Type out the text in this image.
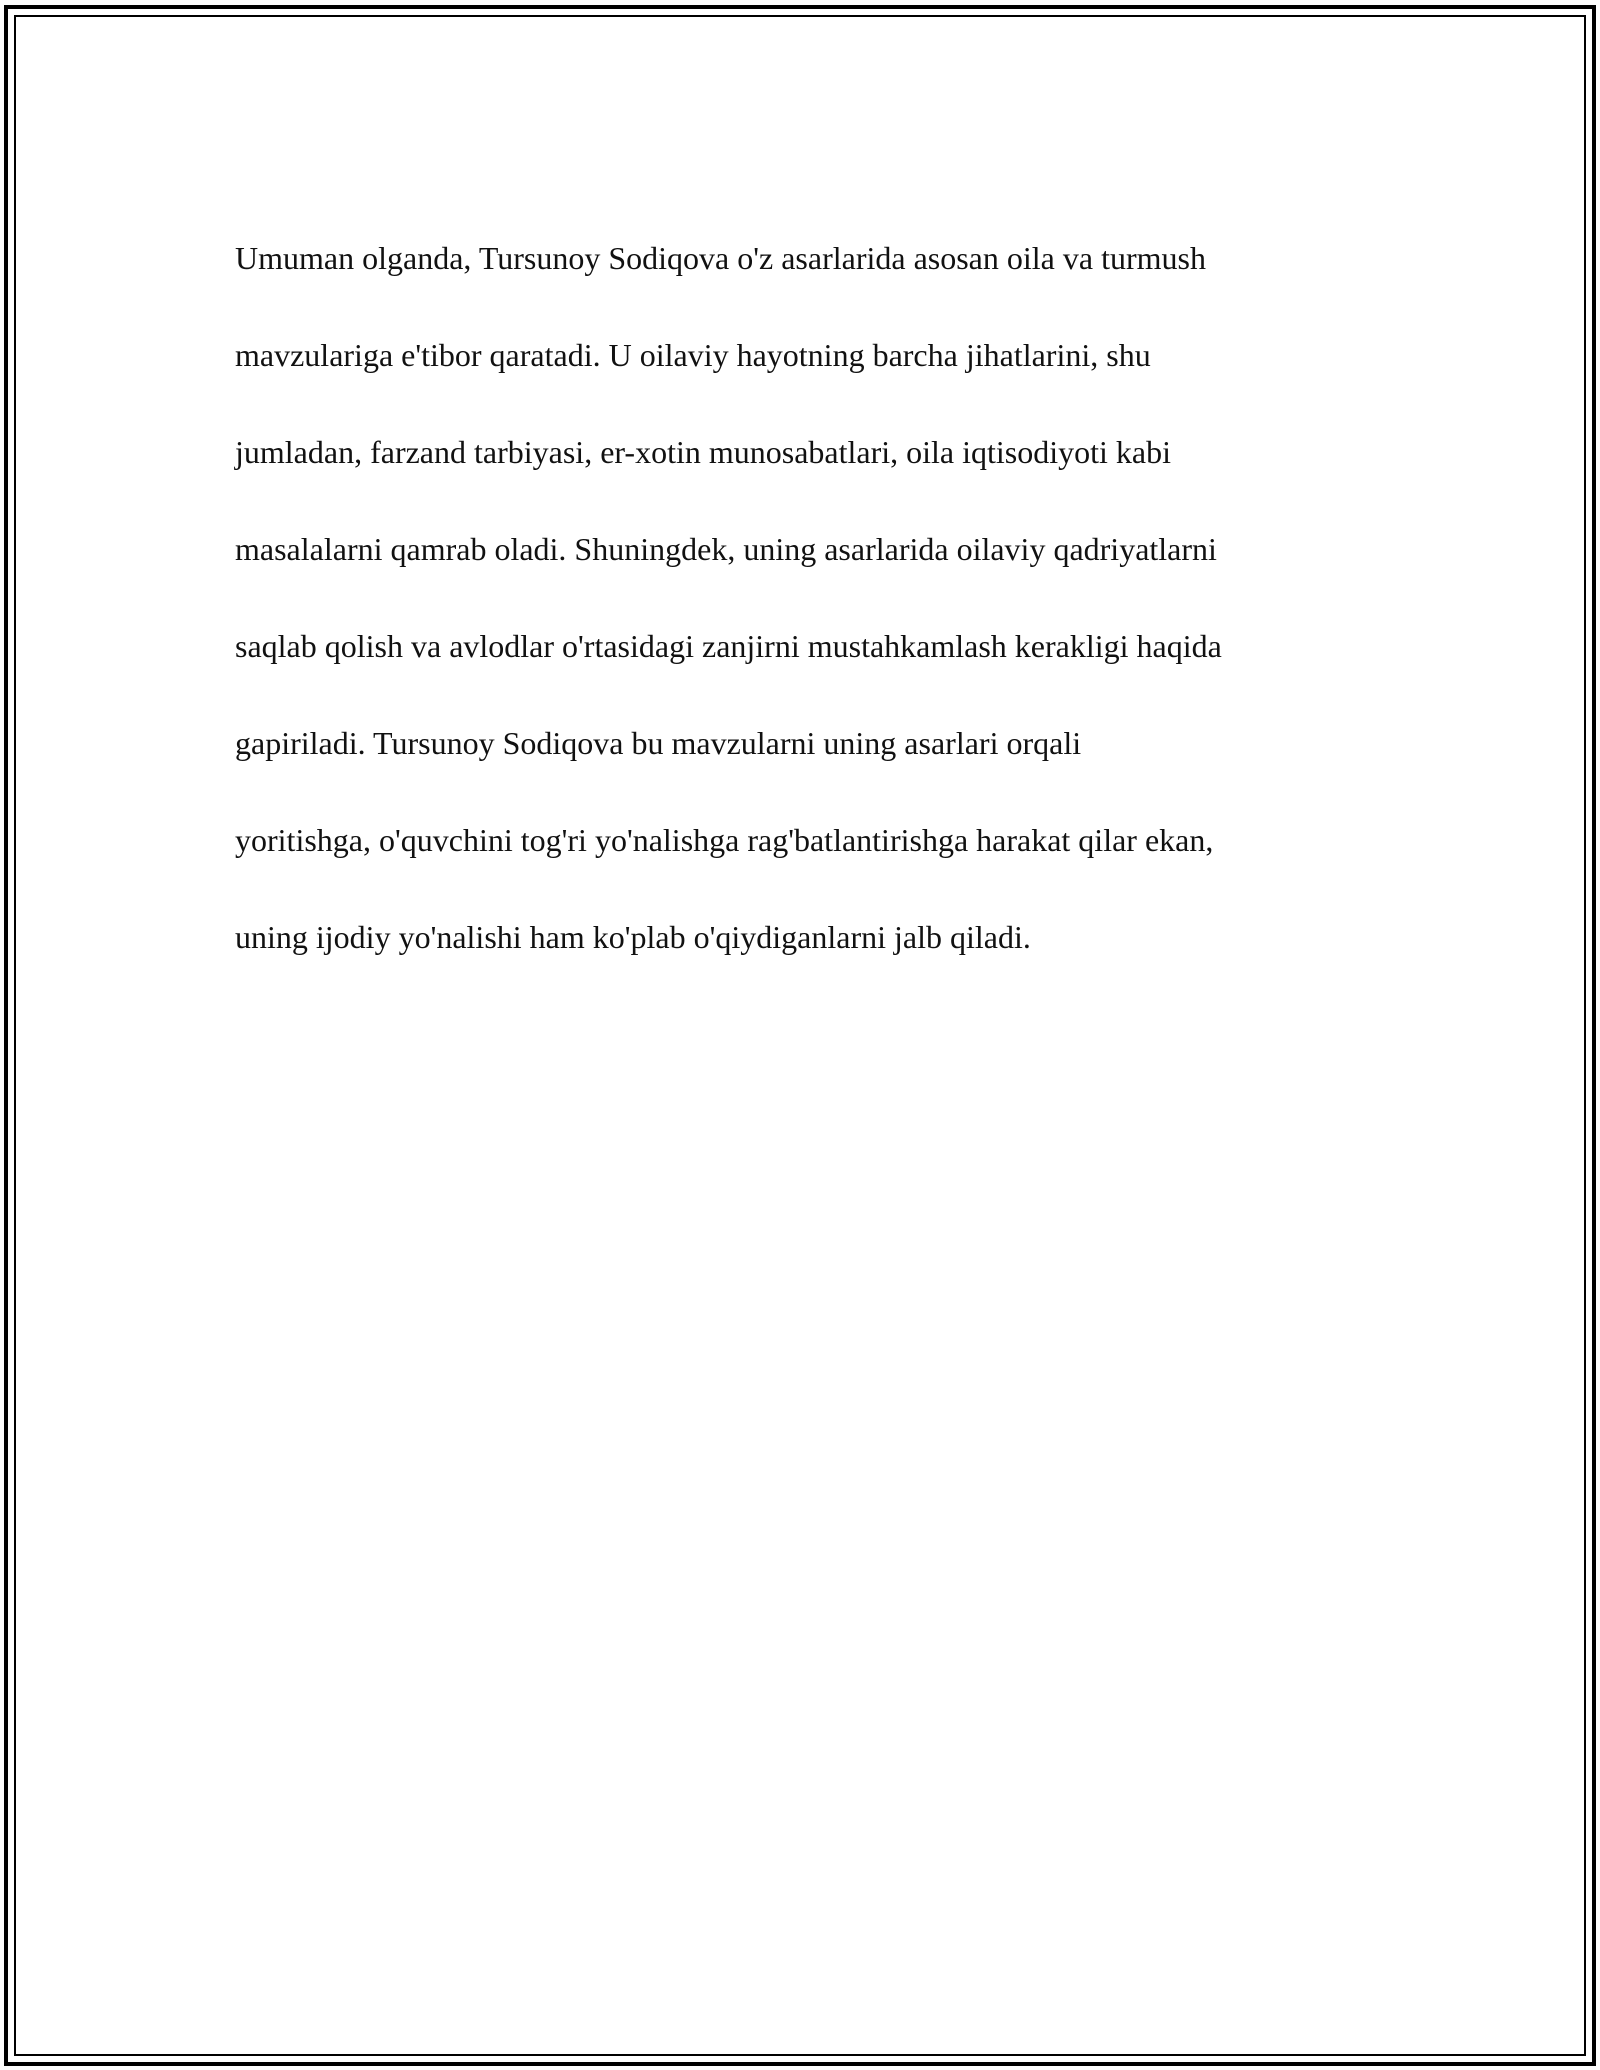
Umuman olganda, Tursunoy Sodiqova o'z asarlarida asosan oila va turmush

mavzulariga e'tibor qaratadi. U oilaviy hayotning barcha jihatlarini, shu

jumladan, farzand tarbiyasi, er-xotin munosabatlari, oila iqtisodiyoti kabi

masalalarni qamrab oladi. Shuningdek, uning asarlarida oilaviy qadriyatlarni

saqlab qolish va avlodlar o'rtasidagi zanjirni mustahkamlash kerakligi haqida

gapiriladi. Tursunoy Sodiqova bu mavzularni uning asarlari orqali

yoritishga, o'quvchini tog'ri yo'nalishga rag'batlantirishga harakat qilar ekan,

uning ijodiy yo'nalishi ham ko'plab o'qiydiganlarni jalb qiladi.
